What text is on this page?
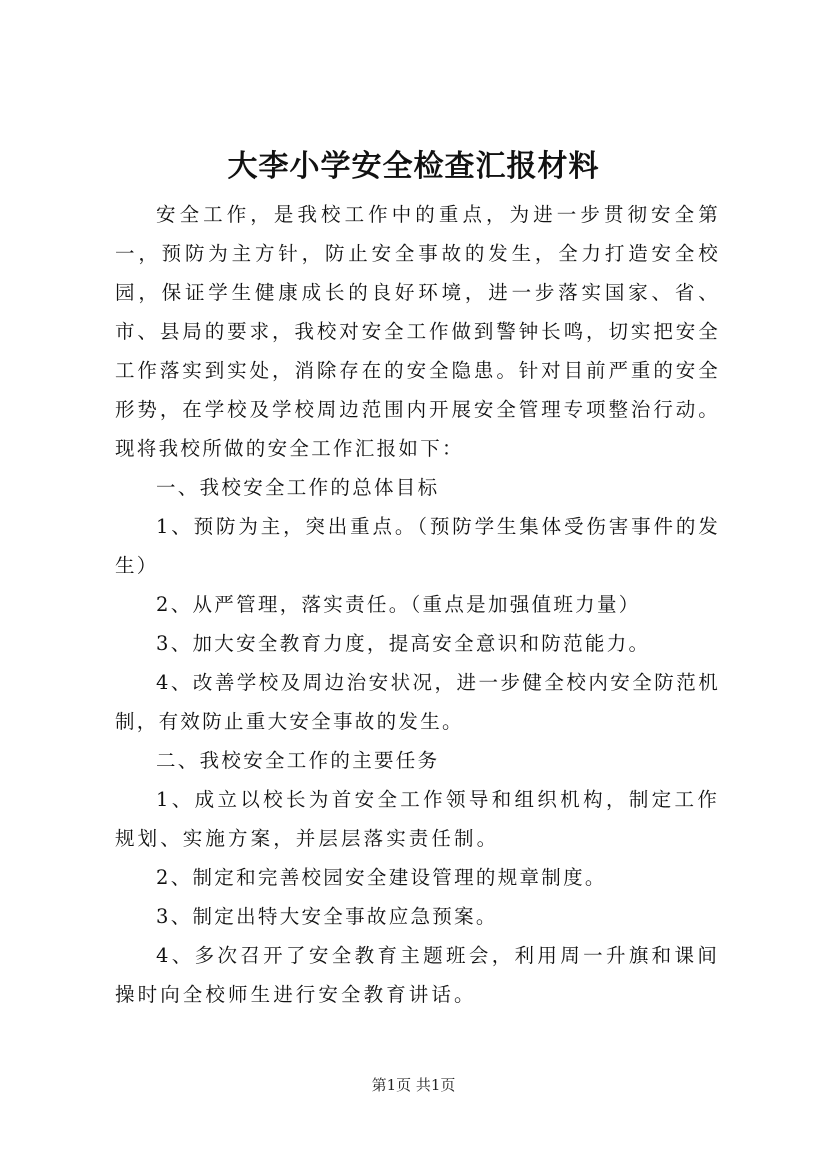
大李小学安全检查汇报材料

安全工作，是我校工作中的重点，为进一步贯彻安全第一，预防为主方针，防止安全事故的发生，全力打造安全校园，保证学生健康成长的良好环境，进一步落实国家、省、市、县局的要求，我校对安全工作做到警钟长鸣，切实把安全工作落实到实处，消除存在的安全隐患。针对目前严重的安全形势，在学校及学校周边范围内开展安全管理专项整治行动。现将我校所做的安全工作汇报如下：

一、我校安全工作的总体目标

1、预防为主，突出重点。（预防学生集体受伤害事件的发生）

2、从严管理，落实责任。（重点是加强值班力量）

3、加大安全教育力度，提高安全意识和防范能力。

4、改善学校及周边治安状况，进一步健全校内安全防范机制，有效防止重大安全事故的发生。

二、我校安全工作的主要任务

1、成立以校长为首安全工作领导和组织机构，制定工作规划、实施方案，并层层落实责任制。

2、制定和完善校园安全建设管理的规章制度。

3、制定出特大安全事故应急预案。

4、多次召开了安全教育主题班会，利用周一升旗和课间操时向全校师生进行安全教育讲话。

第1页 共1页
